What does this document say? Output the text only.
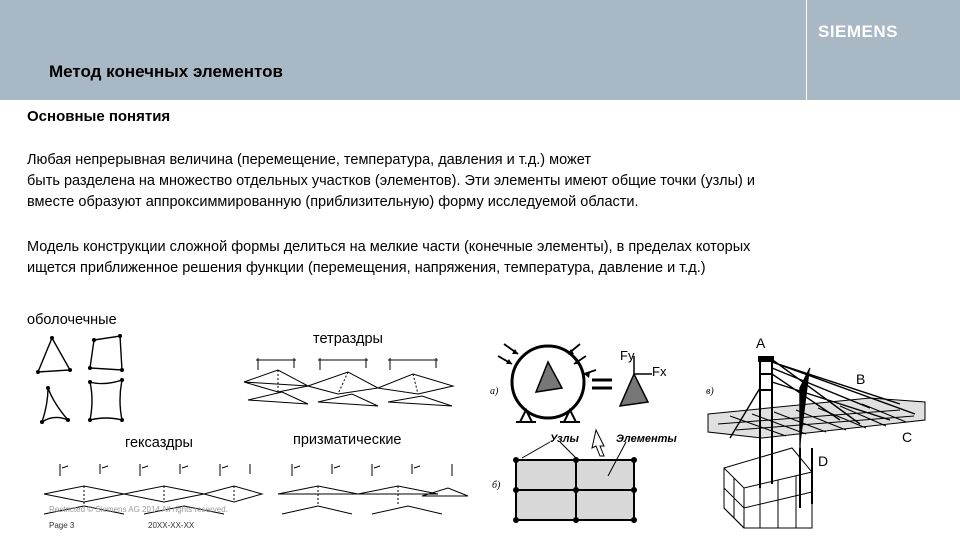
Метод конечных элементов
SIEMENS
Основные понятия
Любая непрерывная величина (перемещение, температура, давления и т.д.) может
быть разделена на множество отдельных участков (элементов). Эти элементы имеют общие точки (узлы) и
вместе образуют аппроксиммированную (приблизительную) форму исследуемой области.
Модель конструкции сложной формы делиться на мелкие части (конечные элементы), в пределах которых
ищется приближенное решения функции (перемещения, напряжения, температура, давление и т.д.)
оболочечные
тетраздры
гексаздры	призматические
а)
Fy
Fx
Узлы	Элементы
б)
A
B
C
D
в)
Restricted © Siemens AG 2014 All rights reserved.
Page 3	20XX-XX-XX
